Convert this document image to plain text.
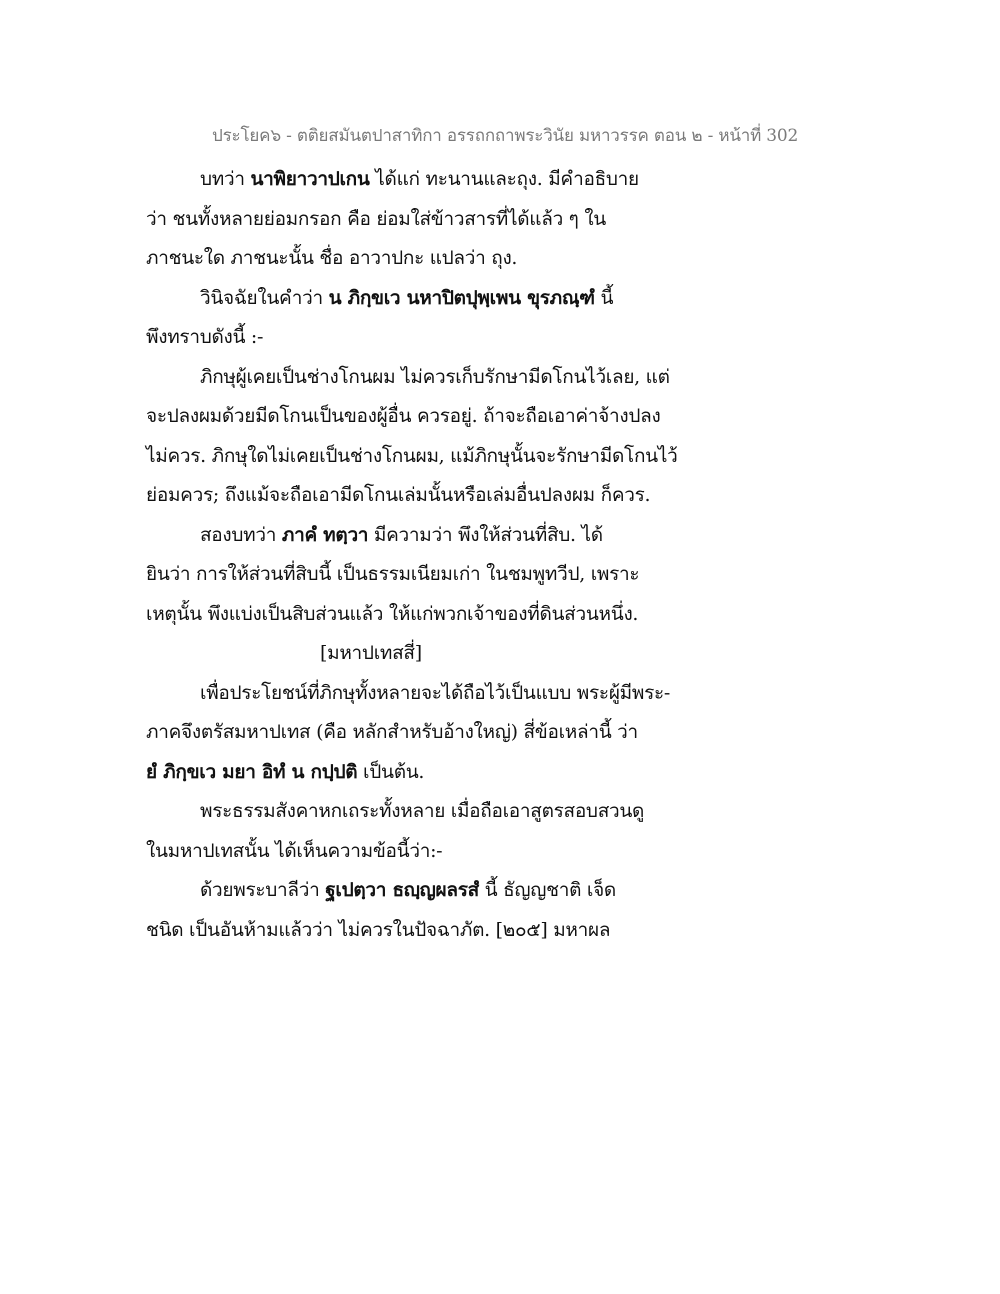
ประโยค๖ - ตติยสมันตปาสาทิกา อรรถกถาพระวินัย มหาวรรค ตอน ๒ - หน้าที่ 302
บทว่า นาพิยาวาปเกน ได้แก่ ทะนานและถุง. มีคำอธิบาย
ว่า ชนทั้งหลายย่อมกรอก คือ ย่อมใส่ข้าวสารที่ได้แล้ว ๆ ใน
ภาชนะใด ภาชนะนั้น ชื่อ อาวาปกะ แปลว่า ถุง.
วินิจฉัยในคำว่า น ภิกฺขเว นหาปิตปุพฺเพน ขุรภณฺฑํ นี้
พึงทราบดังนี้ :-
ภิกษุผู้เคยเป็นช่างโกนผม ไม่ควรเก็บรักษามีดโกนไว้เลย, แต่
จะปลงผมด้วยมีดโกนเป็นของผู้อื่น ควรอยู่. ถ้าจะถือเอาค่าจ้างปลง
ไม่ควร. ภิกษุใดไม่เคยเป็นช่างโกนผม, แม้ภิกษุนั้นจะรักษามีดโกนไว้
ย่อมควร; ถึงแม้จะถือเอามีดโกนเล่มนั้นหรือเล่มอื่นปลงผม ก็ควร.
สองบทว่า ภาคํ ทตฺวา มีความว่า พึงให้ส่วนที่สิบ. ได้
ยินว่า การให้ส่วนที่สิบนี้ เป็นธรรมเนียมเก่า ในชมพูทวีป, เพราะ
เหตุนั้น พึงแบ่งเป็นสิบส่วนแล้ว ให้แก่พวกเจ้าของที่ดินส่วนหนึ่ง.
[มหาปเทสสี่]
เพื่อประโยชน์ที่ภิกษุทั้งหลายจะได้ถือไว้เป็นแบบ พระผู้มีพระ-
ภาคจึงตรัสมหาปเทส (คือ หลักสำหรับอ้างใหญ่) สี่ข้อเหล่านี้ ว่า
ยํ ภิกฺขเว มยา อิทํ น กปฺปติ เป็นต้น.
พระธรรมสังคาหกเถระทั้งหลาย เมื่อถือเอาสูตรสอบสวนดู
ในมหาปเทสนั้น ได้เห็นความข้อนี้ว่า:-
ด้วยพระบาลีว่า ฐเปตฺวา ธญฺญผลรสํ นี้ ธัญญชาติ เจ็ด
ชนิด เป็นอันห้ามแล้วว่า ไม่ควรในปัจฉาภัต. [๒๐๕] มหาผล
